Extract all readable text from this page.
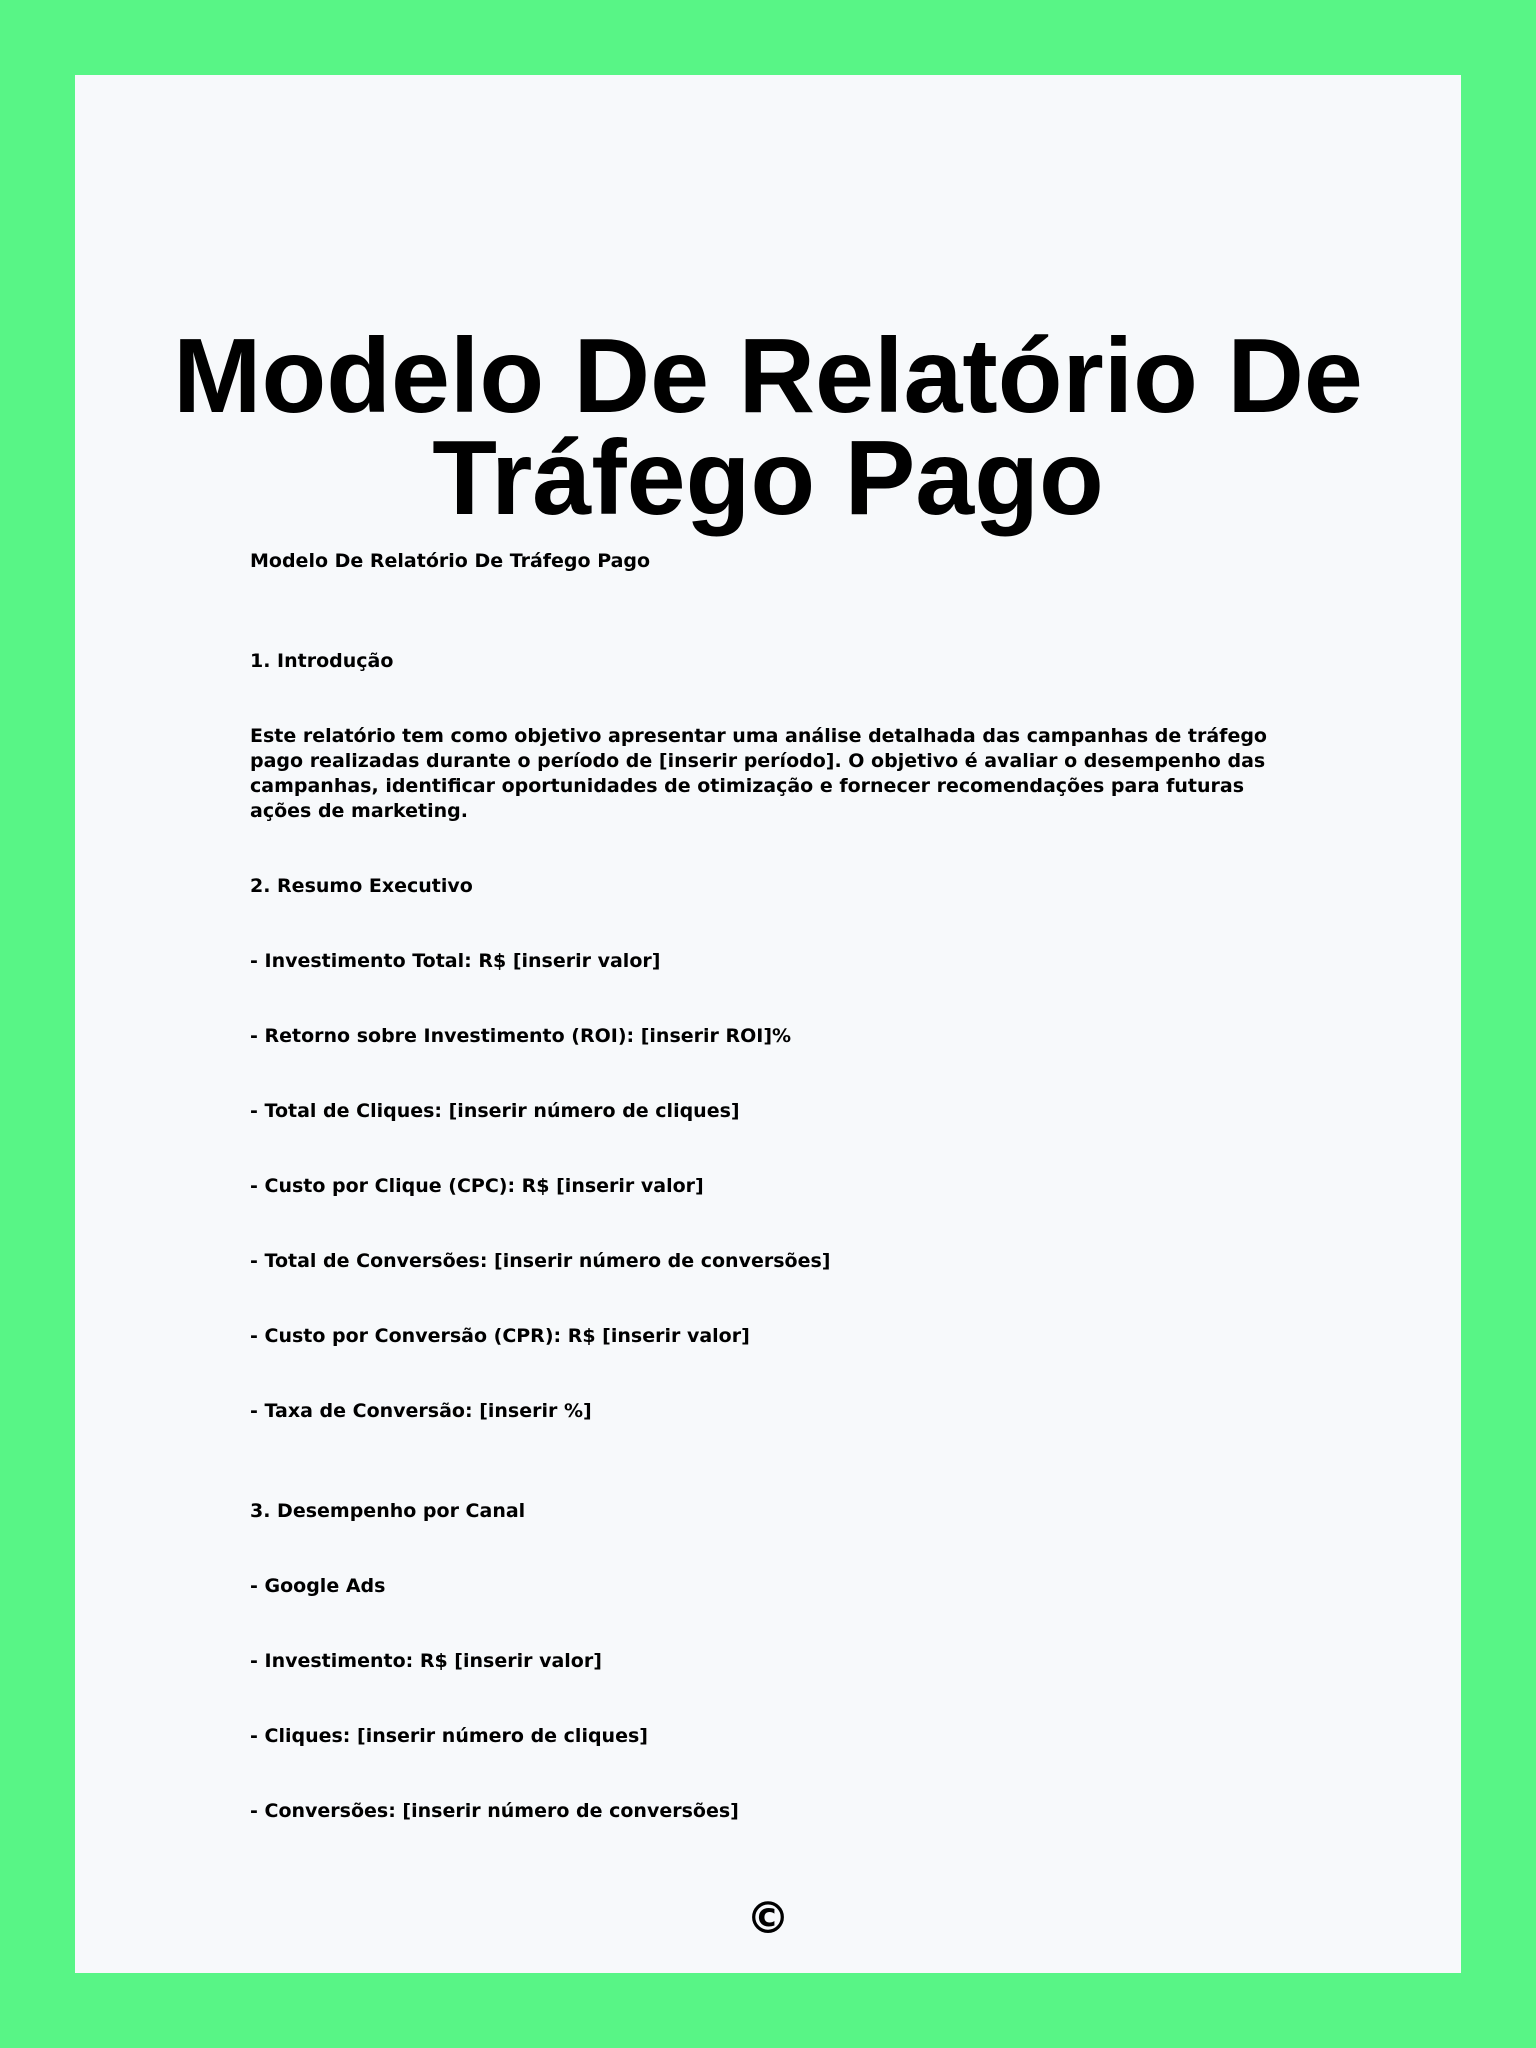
Modelo De Relatório De Tráfego Pago

Modelo De Relatório De Tráfego Pago

1. Introdução

Este relatório tem como objetivo apresentar uma análise detalhada das campanhas de tráfego pago realizadas durante o período de [inserir período]. O objetivo é avaliar o desempenho das campanhas, identificar oportunidades de otimização e fornecer recomendações para futuras ações de marketing.

2. Resumo Executivo

- Investimento Total: R$ [inserir valor]

- Retorno sobre Investimento (ROI): [inserir ROI]%

- Total de Cliques: [inserir número de cliques]

- Custo por Clique (CPC): R$ [inserir valor]

- Total de Conversões: [inserir número de conversões]

- Custo por Conversão (CPR): R$ [inserir valor]

- Taxa de Conversão: [inserir %]

3. Desempenho por Canal

- Google Ads

- Investimento: R$ [inserir valor]

- Cliques: [inserir número de cliques]

- Conversões: [inserir número de conversões]

©
